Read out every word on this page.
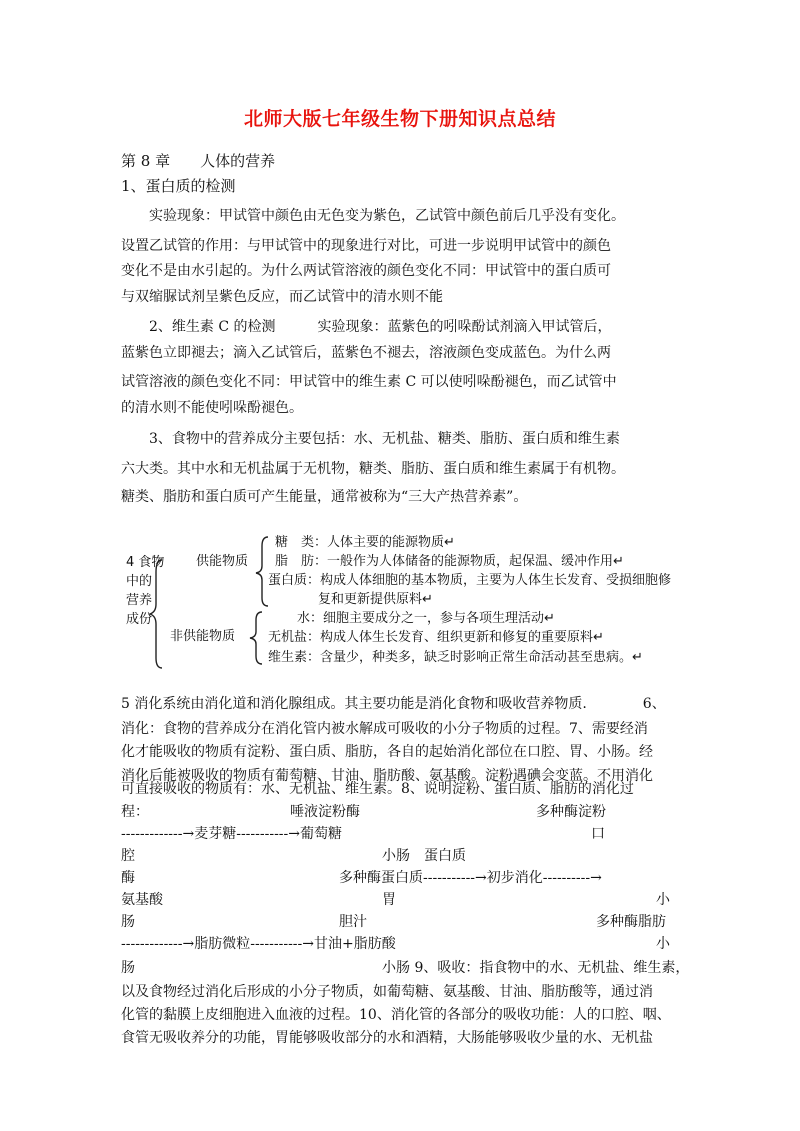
北师大版七年级生物下册知识点总结
第 8 章　　人体的营养
1、蛋白质的检测
实验现象：甲试管中颜色由无色变为紫色，乙试管中颜色前后几乎没有变化。
设置乙试管的作用：与甲试管中的现象进行对比，可进一步说明甲试管中的颜色
变化不是由水引起的。为什么两试管溶液的颜色变化不同：甲试管中的蛋白质可
与双缩脲试剂呈紫色反应，而乙试管中的清水则不能
2、维生素 C 的检测　　　实验现象：蓝紫色的吲哚酚试剂滴入甲试管后，
蓝紫色立即褪去；滴入乙试管后，蓝紫色不褪去，溶液颜色变成蓝色。为什么两
试管溶液的颜色变化不同：甲试管中的维生素 C 可以使吲哚酚褪色，而乙试管中
的清水则不能使吲哚酚褪色。
3、食物中的营养成分主要包括：水、无机盐、糖类、脂肪、蛋白质和维生素
六大类。其中水和无机盐属于无机物，糖类、脂肪、蛋白质和维生素属于有机物。
糖类、脂肪和蛋白质可产生能量，通常被称为“三大产热营养素”。
4 食物
中的
营养
成份
供能物质
非供能物质
糖　类：人体主要的能源物质↵
脂　肪：一般作为人体储备的能源物质，起保温、缓冲作用↵
蛋白质：构成人体细胞的基本物质，主要为人体生长发育、受损细胞修
复和更新提供原料↵
水：细胞主要成分之一，参与各项生理活动↵
无机盐：构成人体生长发育、组织更新和修复的重要原料↵
维生素：含量少，种类多，缺乏时影响正常生命活动甚至患病。↵
5 消化系统由消化道和消化腺组成。其主要功能是消化食物和吸收营养物质.　　　　6、
消化：食物的营养成分在消化管内被水解成可吸收的小分子物质的过程。7、需要经消
化才能吸收的物质有淀粉、蛋白质、脂肪，各自的起始消化部位在口腔、胃、小肠。经
消化后能被吸收的物质有葡萄糖、甘油、脂肪酸、氨基酸。淀粉遇碘会变蓝。不用消化
可直接吸收的物质有：水、无机盐、维生素。8、说明淀粉、蛋白质、脂肪的消化过
程：	唾液淀粉酶	多种酶淀粉
-------------→麦芽糖-----------→葡萄糖	口
腔	小肠　蛋白质
酶	多种酶蛋白质-----------→初步消化----------→
氨基酸	胃	小
肠	胆汁	多种酶脂肪
-------------→脂肪微粒-----------→甘油+脂肪酸	小
肠	小肠 9、吸收：指食物中的水、无机盐、维生素，
以及食物经过消化后形成的小分子物质，如葡萄糖、氨基酸、甘油、脂肪酸等，通过消
化管的黏膜上皮细胞进入血液的过程。10、消化管的各部分的吸收功能：人的口腔、咽、
食管无吸收养分的功能，胃能够吸收部分的水和酒精，大肠能够吸收少量的水、无机盐
